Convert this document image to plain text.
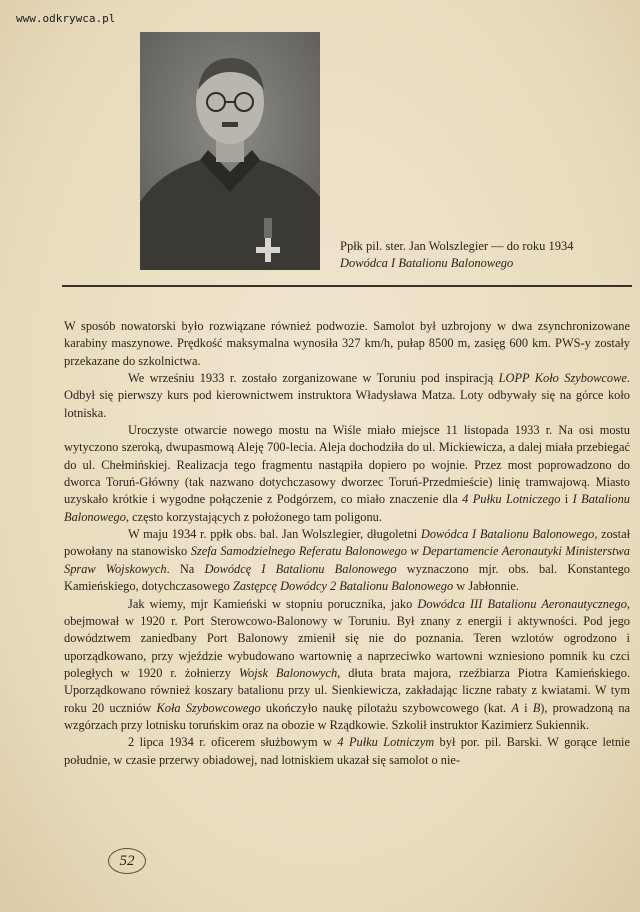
www.odkrywca.pl
Ppłk pil. ster. Jan Wolszlegier — do roku 1934
Dowódca I Batalionu Balonowego

W sposób nowatorski było rozwiązane również podwozie. Samolot był uzbrojony w dwa zsynchronizowane karabiny maszynowe. Prędkość maksymalna wynosiła 327 km/h, pułap 8500 m, zasięg 600 km. PWS-y zostały przekazane do szkolnictwa.

We wrześniu 1933 r. zostało zorganizowane w Toruniu pod inspiracją LOPP Koło Szybowcowe. Odbył się pierwszy kurs pod kierownictwem instruktora Władysława Matza. Loty odbywały się na górce koło lotniska.

Uroczyste otwarcie nowego mostu na Wiśle miało miejsce 11 listopada 1933 r. Na osi mostu wytyczono szeroką, dwupasmową Aleję 700-lecia. Aleja dochodziła do ul. Mickiewicza, a dalej miała przebiegać do ul. Chełmińskiej. Realizacja tego fragmentu nastąpiła dopiero po wojnie. Przez most poprowadzono do dworca Toruń-Główny (tak nazwano dotychczasowy dworzec Toruń-Przedmieście) linię tramwajową. Miasto uzyskało krótkie i wygodne połączenie z Podgórzem, co miało znaczenie dla 4 Pułku Lotniczego i I Batalionu Balonowego, często korzystających z położonego tam poligonu.

W maju 1934 r. ppłk obs. bal. Jan Wolszlegier, długoletni Dowódca I Batalionu Balonowego, został powołany na stanowisko Szefa Samodzielnego Referatu Balonowego w Departamencie Aeronautyki Ministerstwa Spraw Wojskowych. Na Dowódcę I Batalionu Balonowego wyznaczono mjr. obs. bal. Konstantego Kamieńskiego, dotychczasowego Zastępcę Dowódcy 2 Batalionu Balonowego w Jabłonnie.

Jak wiemy, mjr Kamieński w stopniu porucznika, jako Dowódca III Batalionu Aeronautycznego, obejmował w 1920 r. Port Sterowcowo-Balonowy w Toruniu. Był znany z energii i aktywności. Pod jego dowództwem zaniedbany Port Balonowy zmienił się nie do poznania. Teren wzlotów ogrodzono i uporządkowano, przy wjeździe wybudowano wartownię a naprzeciwko wartowni wzniesiono pomnik ku czci poległych w 1920 r. żołnierzy Wojsk Balonowych, dłuta brata majora, rzeźbiarza Piotra Kamieńskiego. Uporządkowano również koszary batalionu przy ul. Sienkiewicza, zakładając liczne rabaty z kwiatami. W tym roku 20 uczniów Koła Szybowcowego ukończyło naukę pilotażu szybowcowego (kat. A i B), prowadzoną na wzgórzach przy lotnisku toruńskim oraz na obozie w Rządkowie. Szkolił instruktor Kazimierz Sukiennik.

2 lipca 1934 r. oficerem służbowym w 4 Pułku Lotniczym był por. pil. Barski. W gorące letnie południe, w czasie przerwy obiadowej, nad lotniskiem ukazał się samolot o nie-

52
